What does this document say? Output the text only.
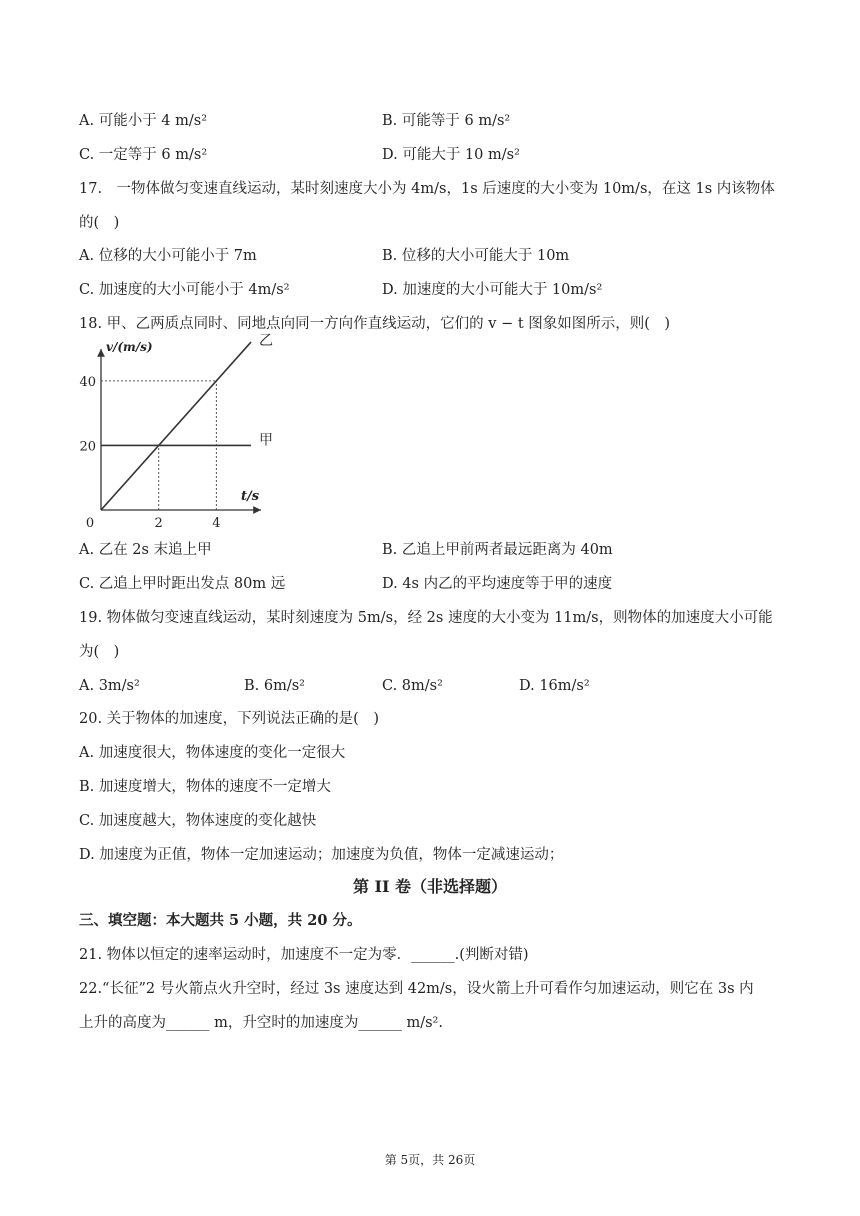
A. 可能小于 4 m/s²	B. 可能等于 6 m/s²
C. 一定等于 6 m/s²	D. 可能大于 10 m/s²
17.　一物体做匀变速直线运动，某时刻速度大小为 4m/s，1s 后速度的大小变为 10m/s，在这 1s 内该物体
的(　)
A. 位移的大小可能小于 7m	B. 位移的大小可能大于 10m
C. 加速度的大小可能小于 4m/s²	D. 加速度的大小可能大于 10m/s²
18. 甲、乙两质点同时、同地点向同一方向作直线运动，它们的 v − t 图象如图所示，则(　)
甲
乙
2	4
20
40
0
v/(m/s)
t/s
A. 乙在 2s 末追上甲	B. 乙追上甲前两者最远距离为 40m
C. 乙追上甲时距出发点 80m 远	D. 4s 内乙的平均速度等于甲的速度
19. 物体做匀变速直线运动，某时刻速度为 5m/s，经 2s 速度的大小变为 11m/s，则物体的加速度大小可能
为(　)
A. 3m/s²	B. 6m/s²	C. 8m/s²	D. 16m/s²
20. 关于物体的加速度，下列说法正确的是(　)
A. 加速度很大，物体速度的变化一定很大
B. 加速度增大，物体的速度不一定增大
C. 加速度越大，物体速度的变化越快
D. 加速度为正值，物体一定加速运动；加速度为负值，物体一定减速运动；
第 II 卷（非选择题）
三、填空题：本大题共 5 小题，共 20 分。
21. 物体以恒定的速率运动时，加速度不一定为零．______.(判断对错)
22.“长征”2 号火箭点火升空时，经过 3s 速度达到 42m/s，设火箭上升可看作匀加速运动，则它在 3s 内
上升的高度为______ m，升空时的加速度为______ m/s².
第 5页，共 26页
